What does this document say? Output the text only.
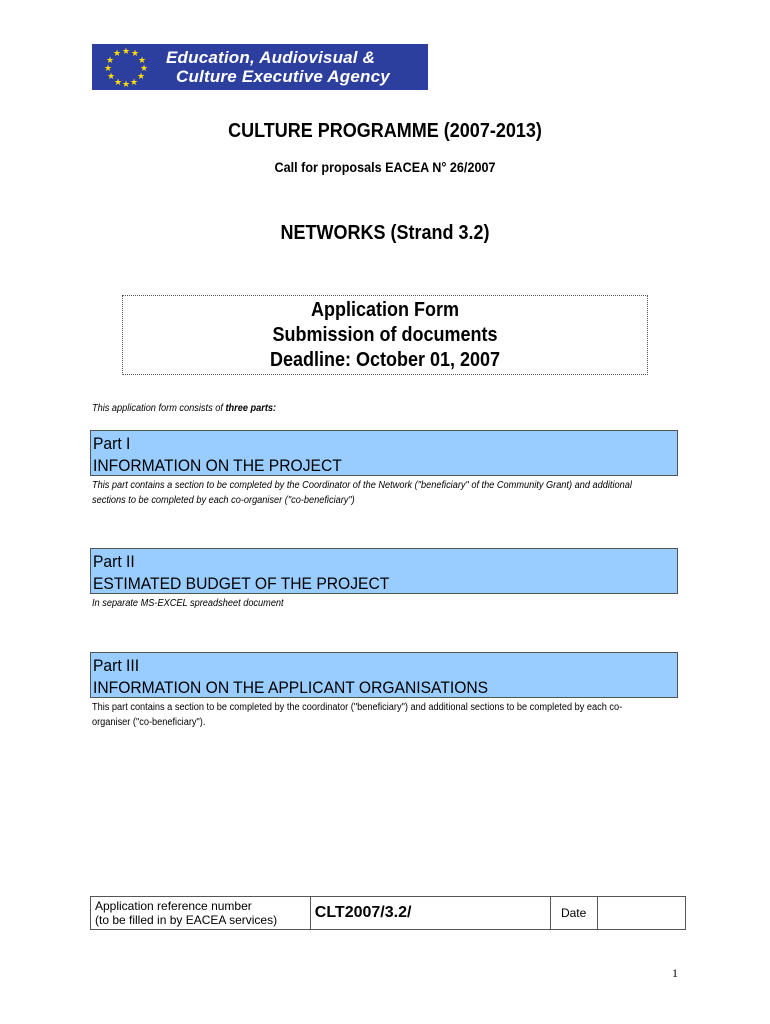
★ ★
★
★
★
★
★
★
★
★
★
★	Education, Audiovisual &
Culture Executive Agency
CULTURE PROGRAMME (2007-2013)
Call for proposals EACEA N° 26/2007
NETWORKS (Strand 3.2)
Application Form
Submission of documents
Deadline: October 01, 2007
This application form consists of three parts:
Part I
INFORMATION ON THE PROJECT
This part contains a section to be completed by the Coordinator of the Network ("beneficiary" of the Community Grant) and additional sections to be completed by each co-organiser ("co-beneficiary")
Part II
ESTIMATED BUDGET OF THE PROJECT
In separate MS-EXCEL spreadsheet document
Part III
INFORMATION ON THE APPLICANT ORGANISATIONS
This part contains a section to be completed by the coordinator ("beneficiary") and additional sections to be completed by each co-organiser ("co-beneficiary").
Application reference number
(to be filled in by EACEA services)	CLT2007/3.2/	Date	
1
